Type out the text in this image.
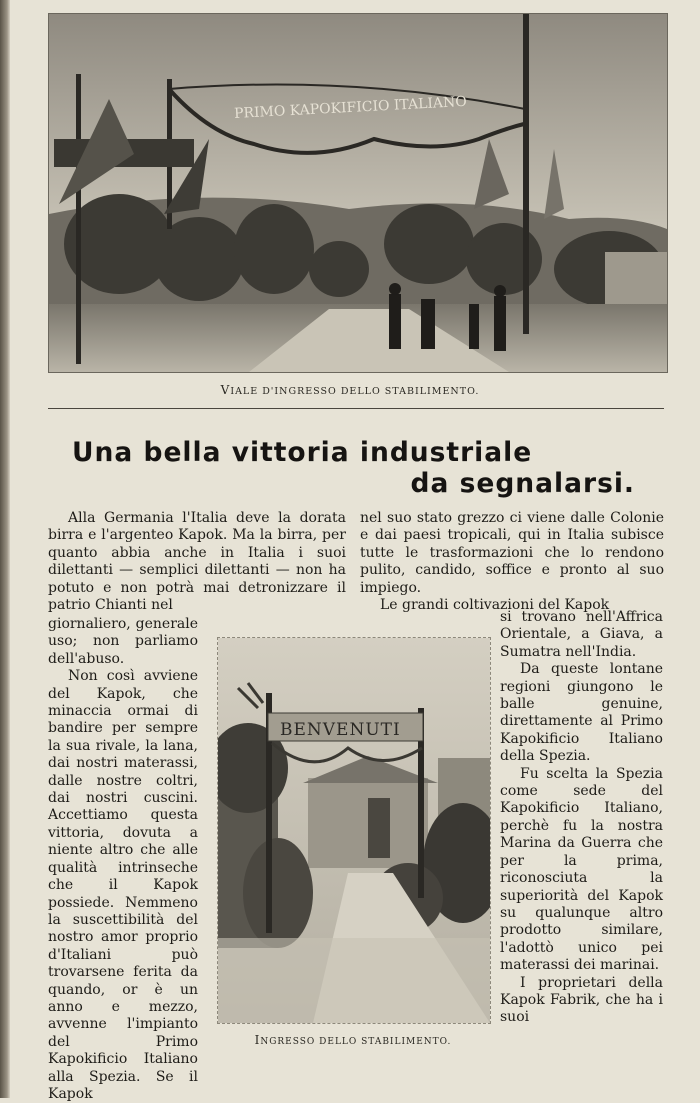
PRIMO KAPOKIFICIO ITALIANO
VIALE D'INGRESSO DELLO STABILIMENTO.
Una bella vittoria industriale
da segnalarsi.

Alla Germania l'Italia deve la dorata birra e l'argenteo Kapok. Ma la birra, per quanto abbia anche in Italia i suoi dilettanti — semplici dilettanti — non ha potuto e non potrà mai detronizzare il patrio Chianti nel

giornaliero, generale uso; non parliamo dell'abuso.

Non così avviene del Kapok, che minaccia ormai di bandire per sempre la sua rivale, la lana, dai nostri materassi, dalle nostre coltri, dai nostri cuscini. Accettiamo questa vittoria, dovuta a niente altro che alle qualità intrinseche che il Kapok possiede. Nemmeno la suscettibilità del nostro amor proprio d'Italiani può trovarsene ferita da quando, or è un anno e mezzo, avvenne l'impianto del Primo Kapokificio Italiano alla Spezia. Se il Kapok

BENVENUTI
INGRESSO DELLO STABILIMENTO.

nel suo stato grezzo ci viene dalle Colonie e dai paesi tropicali, qui in Italia subisce tutte le trasformazioni che lo rendono pulito, candido, soffice e pronto al suo impiego.

Le grandi coltivazioni del Kapok

si trovano nell'Affrica Orientale, a Giava, a Sumatra nell'India.

Da queste lontane regioni giungono le balle genuine, direttamente al Primo Kapokificio Italiano della Spezia.

Fu scelta la Spezia come sede del Kapokificio Italiano, perchè fu la nostra Marina da Guerra che per la prima, riconosciuta la superiorità del Kapok su qualunque altro prodotto similare, l'adottò unico pei materassi dei marinai.

I proprietari della Kapok Fabrik, che ha i suoi
